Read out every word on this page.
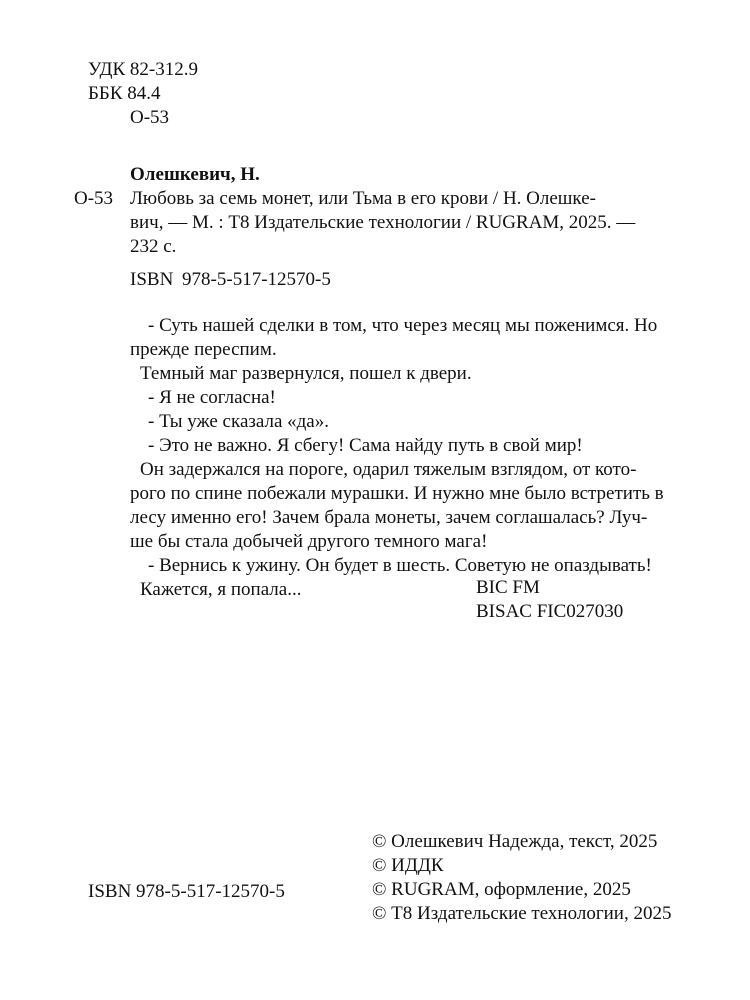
УДК 82-312.9
ББК 84.4
О-53
Олешкевич, Н.
О-53 Любовь за семь монет, или Тьма в его крови / Н. Олешке-
вич, — М. : Т8 Издательские технологии / RUGRAM, 2025. —
232 с.
ISBN 978-5-517-12570-5
- Суть нашей сделки в том, что через месяц мы поженимся. Но
прежде переспим.
Темный маг развернулся, пошел к двери.
- Я не согласна!
- Ты уже сказала «да».
- Это не важно. Я сбегу! Сама найду путь в свой мир!
Он задержался на пороге, одарил тяжелым взглядом, от кото-
рого по спине побежали мурашки. И нужно мне было встретить в
лесу именно его! Зачем брала монеты, зачем соглашалась? Луч-
ше бы стала добычей другого темного мага!
- Вернись к ужину. Он будет в шесть. Советую не опаздывать!
Кажется, я попала...	BIC FM
BISAC FIC027030
ISBN 978-5-517-12570-5
© Олешкевич Надежда, текст, 2025
© ИДДК
© RUGRAM, оформление, 2025
© Т8 Издательские технологии, 2025
